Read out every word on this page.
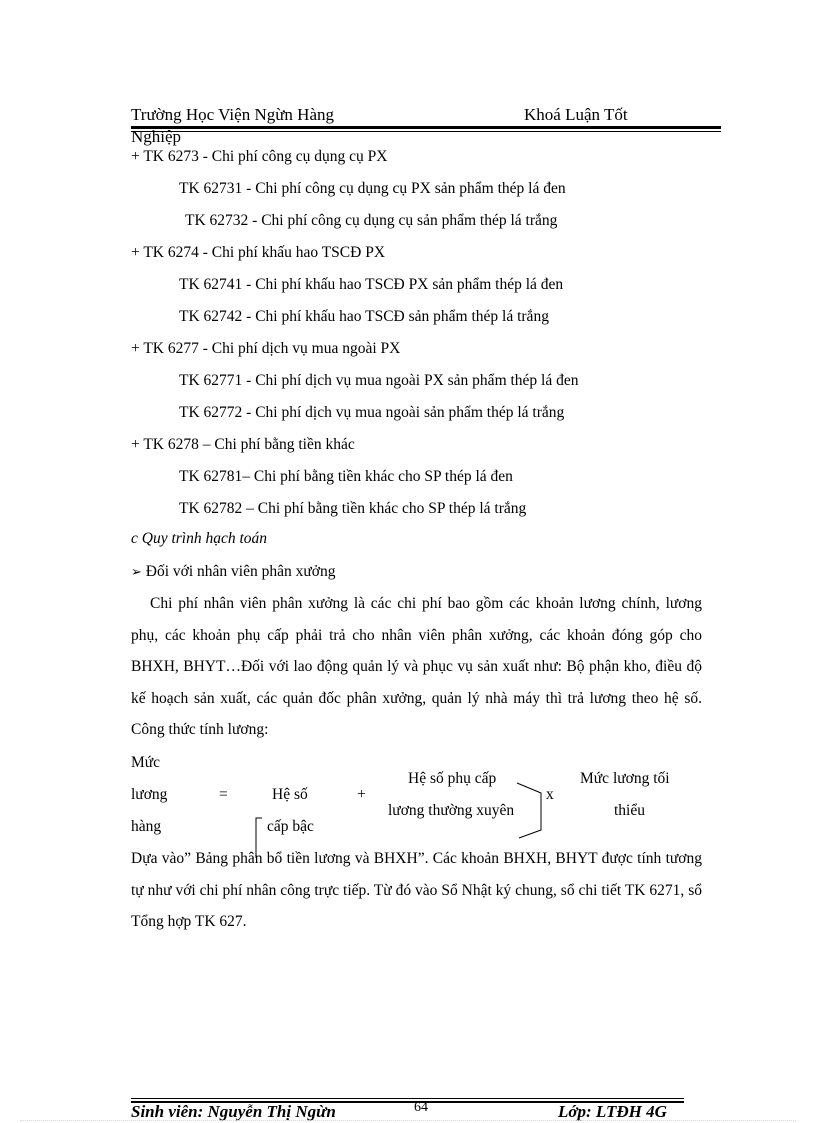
Trường Học Viện Ngừn Hàng	Khoá Luận Tốt
Nghiệp
+ TK 6273 - Chi phí công cụ dụng cụ PX
TK 62731 - Chi phí công cụ dụng cụ PX sản phẩm thép lá đen
TK 62732 - Chi phí công cụ dụng cụ sản phẩm thép lá trắng
+ TK 6274 - Chi phí khấu hao TSCĐ PX
TK 62741 - Chi phí khấu hao TSCĐ PX sản phẩm thép lá đen
TK 62742 - Chi phí khấu hao TSCĐ sản phẩm thép lá trắng
+ TK 6277 - Chi phí dịch vụ mua ngoài PX
TK 62771 - Chi phí dịch vụ mua ngoài PX sản phẩm thép lá đen
TK 62772 - Chi phí dịch vụ mua ngoài sản phẩm thép lá trắng
+ TK 6278 – Chi phí bằng tiền khác
TK 62781– Chi phí bằng tiền khác cho SP thép lá đen
TK 62782 – Chi phí bằng tiền khác cho SP thép lá trắng
c Quy trình hạch toán
➢ Đối với nhân viên phân xưởng
Chi phí nhân viên phân xưởng là các chi phí bao gồm các khoản lương chính, lương phụ, các khoản phụ cấp phải trả cho nhân viên phân xưởng, các khoản đóng góp cho BHXH, BHYT…Đối với lao động quản lý và phục vụ sản xuất như: Bộ phận kho, điều độ kế hoạch sản xuất, các quản đốc phân xưởng, quản lý nhà máy thì trả lương theo hệ số. Công thức tính lương:
Mức
lương
hàng
=	Hệ số
cấp bậc
+
Hệ số phụ cấp
lương thường xuyên
x
Mức lương tối
thiểu
Dựa vào” Bảng phân bổ tiền lương và BHXH”. Các khoản BHXH, BHYT được tính tương tự như với chi phí nhân công trực tiếp. Từ đó vào Sổ Nhật ký chung, sổ chi tiết TK 6271, sổ Tổng hợp TK 627.
Sinh viên: Nguyễn Thị Ngừn	64	Lớp: LTĐH 4G
